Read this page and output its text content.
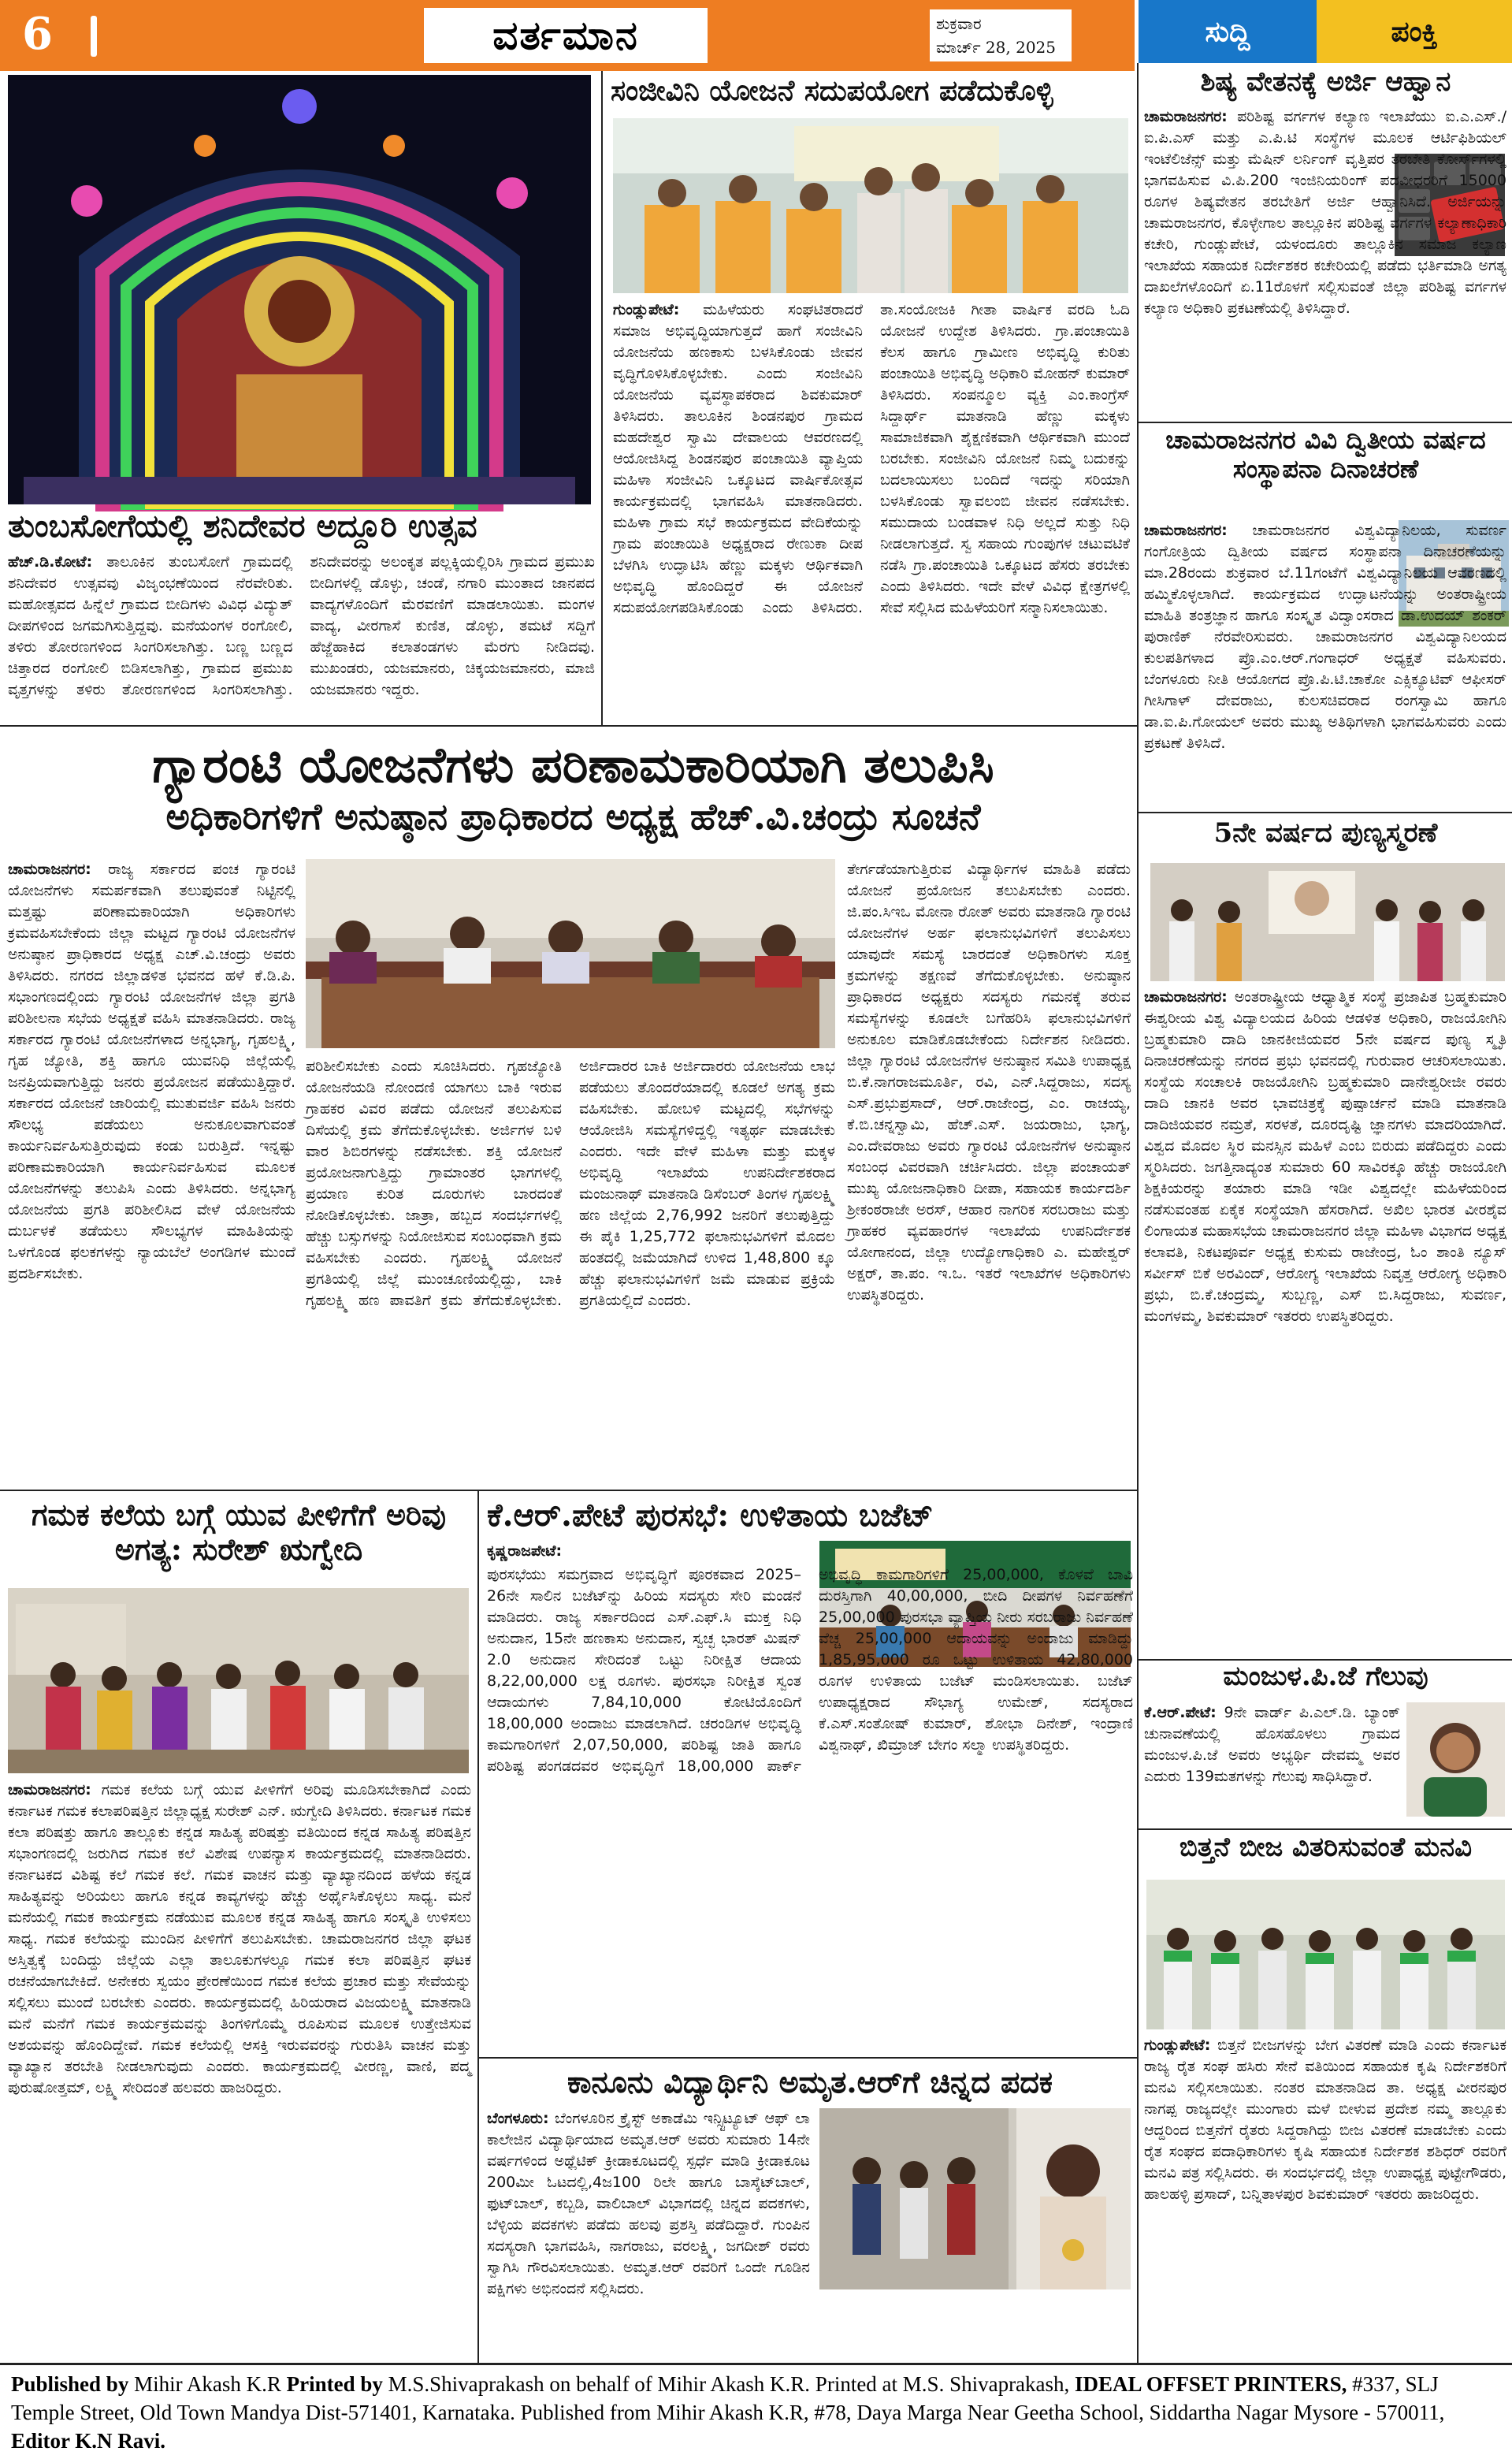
6	ವರ್ತಮಾನ	ಶುಕ್ರವಾರ
ಮಾರ್ಚ್ 28, 2025	ಸುದ್ದಿ	ಪಂಕ್ತಿ
ತುಂಬಸೋಗೆಯಲ್ಲಿ ಶನಿದೇವರ ಅದ್ದೂರಿ ಉತ್ಸವ
ಹೆಚ್.ಡಿ.ಕೋಟೆ: ತಾಲೂಕಿನ ತುಂಬಸೋಗೆ ಗ್ರಾಮದಲ್ಲಿ ಶನಿದೇವರ ಉತ್ಸವವು ವಿಜೃಂಭಣೆಯಿಂದ ನೆರವೇರಿತು. ಮಹೋತ್ಸವದ ಹಿನ್ನೆಲೆ ಗ್ರಾಮದ ಬೀದಿಗಳು ವಿವಿಧ ವಿದ್ಯುತ್ ದೀಪಗಳಿಂದ ಜಗಮಗಿಸುತ್ತಿದ್ದವು. ಮನೆಯಂಗಳ ರಂಗೋಲಿ, ತಳಿರು ತೋರಣಗಳಿಂದ ಸಿಂಗರಿಸಲಾಗಿತ್ತು. ಬಣ್ಣ ಬಣ್ಣದ ಚಿತ್ತಾರದ ರಂಗೋಲಿ ಬಿಡಿಸಲಾಗಿತ್ತು, ಗ್ರಾಮದ ಪ್ರಮುಖ ವೃತ್ತಗಳನ್ನು ತಳಿರು ತೋರಣಗಳಿಂದ ಸಿಂಗರಿಸಲಾಗಿತ್ತು. ಶನಿದೇವರನ್ನು ಅಲಂಕೃತ ಪಲ್ಲಕ್ಕಿಯಲ್ಲಿರಿಸಿ ಗ್ರಾಮದ ಪ್ರಮುಖ ಬೀದಿಗಳಲ್ಲಿ ಡೊಳ್ಳು, ಚಂಡೆ, ನಗಾರಿ ಮುಂತಾದ ಜಾನಪದ ವಾದ್ಯಗಳೊಂದಿಗೆ ಮೆರವಣಿಗೆ ಮಾಡಲಾಯಿತು. ಮಂಗಳ ವಾದ್ಯ, ವೀರಗಾಸೆ ಕುಣಿತ, ಡೊಳ್ಳು, ತಮಟೆ ಸದ್ದಿಗೆ ಹೆಜ್ಜೆಹಾಕಿದ ಕಲಾತಂಡಗಳು ಮೆರಗು ನೀಡಿದವು. ಮುಖಂಡರು, ಯಜಮಾನರು, ಚಿಕ್ಕಯಜಮಾನರು, ಮಾಜಿ ಯಜಮಾನರು ಇದ್ದರು.
ಸಂಜೀವಿನಿ ಯೋಜನೆ ಸದುಪಯೋಗ ಪಡೆದುಕೊಳ್ಳಿ
ಗುಂಡ್ಲುಪೇಟೆ: ಮಹಿಳೆಯರು ಸಂಘಟಿತರಾದರೆ ಸಮಾಜ ಅಭಿವೃದ್ಧಿಯಾಗುತ್ತದೆ ಹಾಗೆ ಸಂಜೀವಿನಿ ಯೋಜನೆಯ ಹಣಕಾಸು ಬಳಸಿಕೊಂಡು ಜೀವನ ವೃದ್ಧಿಗೊಳಿಸಿಕೊಳ್ಳಬೇಕು. ಎಂದು ಸಂಜೀವಿನಿ ಯೋಜನೆಯ ವ್ಯವಸ್ಥಾಪಕರಾದ ಶಿವಕುಮಾರ್ ತಿಳಿಸಿದರು. ತಾಲೂಕಿನ ಶಿಂಡನಪುರ ಗ್ರಾಮದ ಮಹದೇಶ್ವರ ಸ್ವಾಮಿ ದೇವಾಲಯ ಆವರಣದಲ್ಲಿ ಆಯೋಜಿಸಿದ್ದ ಶಿಂಡನಪುರ ಪಂಚಾಯಿತಿ ವ್ಯಾಪ್ತಿಯ ಮಹಿಳಾ ಸಂಜೀವಿನಿ ಒಕ್ಕೂಟದ ವಾರ್ಷಿಕೋತ್ಸವ ಕಾರ್ಯಕ್ರಮದಲ್ಲಿ ಭಾಗವಹಿಸಿ ಮಾತನಾಡಿದರು. ಮಹಿಳಾ ಗ್ರಾಮ ಸಭೆ ಕಾರ್ಯಕ್ರಮದ ವೇದಿಕೆಯನ್ನು ಗ್ರಾಮ ಪಂಚಾಯಿತಿ ಅಧ್ಯಕ್ಷರಾದ ರೇಣುಕಾ ದೀಪ ಬೆಳಗಿಸಿ ಉದ್ಘಾಟಿಸಿ ಹೆಣ್ಣು ಮಕ್ಕಳು ಆರ್ಥಿಕವಾಗಿ ಅಭಿವೃದ್ಧಿ ಹೊಂದಿದ್ದರೆ ಈ ಯೋಜನೆ ಸದುಪಯೋಗಪಡಿಸಿಕೊಂಡು ಎಂದು ತಿಳಿಸಿದರು. ತಾ.ಸಂಯೋಜಕಿ ಗೀತಾ ವಾರ್ಷಿಕ ವರದಿ ಓದಿ ಯೋಜನೆ ಉದ್ದೇಶ ತಿಳಿಸಿದರು. ಗ್ರಾ.ಪಂಚಾಯಿತಿ ಕೆಲಸ ಹಾಗೂ ಗ್ರಾಮೀಣ ಅಭಿವೃದ್ಧಿ ಕುರಿತು ಪಂಚಾಯಿತಿ ಅಭಿವೃದ್ಧಿ ಅಧಿಕಾರಿ ಮೋಹನ್ ಕುಮಾರ್ ತಿಳಿಸಿದರು. ಸಂಪನ್ಮೂಲ ವ್ಯಕ್ತಿ ಎಂ.ಕಾಂಗ್ರೆಸ್ ಸಿದ್ದಾರ್ಥ್ ಮಾತನಾಡಿ ಹೆಣ್ಣು ಮಕ್ಕಳು ಸಾಮಾಜಿಕವಾಗಿ ಶೈಕ್ಷಣಿಕವಾಗಿ ಆರ್ಥಿಕವಾಗಿ ಮುಂದೆ ಬರಬೇಕು. ಸಂಜೀವಿನಿ ಯೋಜನೆ ನಿಮ್ಮ ಬದುಕನ್ನು ಬದಲಾಯಿಸಲು ಬಂದಿದೆ ಇದನ್ನು ಸರಿಯಾಗಿ ಬಳಸಿಕೊಂಡು ಸ್ವಾವಲಂಬಿ ಜೀವನ ನಡೆಸಬೇಕು. ಸಮುದಾಯ ಬಂಡವಾಳ ನಿಧಿ ಅಲ್ಲದೆ ಸುತ್ತು ನಿಧಿ ನೀಡಲಾಗುತ್ತದೆ. ಸ್ವ ಸಹಾಯ ಗುಂಪುಗಳ ಚಟುವಟಿಕೆ ನಡೆಸಿ ಗ್ರಾ.ಪಂಚಾಯಿತಿ ಒಕ್ಕೂಟದ ಹೆಸರು ತರಬೇಕು ಎಂದು ತಿಳಿಸಿದರು. ಇದೇ ವೇಳೆ ವಿವಿಧ ಕ್ಷೇತ್ರಗಳಲ್ಲಿ ಸೇವೆ ಸಲ್ಲಿಸಿದ ಮಹಿಳೆಯರಿಗೆ ಸನ್ಮಾನಿಸಲಾಯಿತು.
ಗ್ಯಾರಂಟಿ ಯೋಜನೆಗಳು ಪರಿಣಾಮಕಾರಿಯಾಗಿ ತಲುಪಿಸಿ
ಅಧಿಕಾರಿಗಳಿಗೆ ಅನುಷ್ಠಾನ ಪ್ರಾಧಿಕಾರದ ಅಧ್ಯಕ್ಷ ಹೆಚ್.ವಿ.ಚಂದ್ರು ಸೂಚನೆ
ಚಾಮರಾಜನಗರ: ರಾಜ್ಯ ಸರ್ಕಾರದ ಪಂಚ ಗ್ಯಾರಂಟಿ ಯೋಜನೆಗಳು ಸಮರ್ಪಕವಾಗಿ ತಲುಪುವಂತೆ ನಿಟ್ಟಿನಲ್ಲಿ ಮತ್ತಷ್ಟು ಪರಿಣಾಮಕಾರಿಯಾಗಿ ಅಧಿಕಾರಿಗಳು ಕ್ರಮವಹಿಸಬೇಕೆಂದು ಜಿಲ್ಲಾ ಮಟ್ಟದ ಗ್ಯಾರಂಟಿ ಯೋಜನೆಗಳ ಅನುಷ್ಠಾನ ಪ್ರಾಧಿಕಾರದ ಅಧ್ಯಕ್ಷ ಎಚ್.ವಿ.ಚಂದ್ರು ಅವರು ತಿಳಿಸಿದರು. ನಗರದ ಜಿಲ್ಲಾಡಳಿತ ಭವನದ ಹಳೆ ಕೆ.ಡಿ.ಪಿ. ಸಭಾಂಗಣದಲ್ಲಿಂದು ಗ್ಯಾರಂಟಿ ಯೋಜನೆಗಳ ಜಿಲ್ಲಾ ಪ್ರಗತಿ ಪರಿಶೀಲನಾ ಸಭೆಯ ಅಧ್ಯಕ್ಷತೆ ವಹಿಸಿ ಮಾತನಾಡಿದರು. ರಾಜ್ಯ ಸರ್ಕಾರದ ಗ್ಯಾರಂಟಿ ಯೋಜನೆಗಳಾದ ಅನ್ನಭಾಗ್ಯ, ಗೃಹಲಕ್ಷ್ಮಿ, ಗೃಹ ಜ್ಯೋತಿ, ಶಕ್ತಿ ಹಾಗೂ ಯುವನಿಧಿ ಜಿಲ್ಲೆಯಲ್ಲಿ ಜನಪ್ರಿಯವಾಗುತ್ತಿದ್ದು ಜನರು ಪ್ರಯೋಜನ ಪಡೆಯುತ್ತಿದ್ದಾರೆ. ಸರ್ಕಾರದ ಯೋಜನೆ ಜಾರಿಯಲ್ಲಿ ಮುತುವರ್ಜಿ ವಹಿಸಿ ಜನರು ಸೌಲಭ್ಯ ಪಡೆಯಲು ಅನುಕೂಲವಾಗುವಂತೆ ಕಾರ್ಯನಿರ್ವಹಿಸುತ್ತಿರುವುದು ಕಂಡು ಬರುತ್ತಿದೆ. ಇನ್ನಷ್ಟು ಪರಿಣಾಮಕಾರಿಯಾಗಿ ಕಾರ್ಯನಿರ್ವಹಿಸುವ ಮೂಲಕ ಯೋಜನೆಗಳನ್ನು ತಲುಪಿಸಿ ಎಂದು ತಿಳಿಸಿದರು. ಅನ್ನಭಾಗ್ಯ ಯೋಜನೆಯ ಪ್ರಗತಿ ಪರಿಶೀಲಿಸಿದ ವೇಳೆ ಯೋಜನೆಯ ದುರ್ಬಳಕೆ ತಡೆಯಲು ಸೌಲಭ್ಯಗಳ ಮಾಹಿತಿಯನ್ನು ಒಳಗೊಂಡ ಫಲಕಗಳನ್ನು ನ್ಯಾಯಬೆಲೆ ಅಂಗಡಿಗಳ ಮುಂದೆ ಪ್ರದರ್ಶಿಸಬೇಕು.
ಪರಿಶೀಲಿಸಬೇಕು ಎಂದು ಸೂಚಿಸಿದರು. ಗೃಹಜ್ಯೋತಿ ಯೋಜನೆಯಡಿ ನೋಂದಣಿ ಯಾಗಲು ಬಾಕಿ ಇರುವ ಗ್ರಾಹಕರ ವಿವರ ಪಡೆದು ಯೋಜನೆ ತಲುಪಿಸುವ ದಿಸೆಯಲ್ಲಿ ಕ್ರಮ ತೆಗೆದುಕೊಳ್ಳಬೇಕು. ಅರ್ಜಿಗಳ ಬಳಿ ವಾರ ಶಿಬಿರಗಳನ್ನು ನಡೆಸಬೇಕು. ಶಕ್ತಿ ಯೋಜನೆ ಪ್ರಯೋಜನಾಗುತ್ತಿದ್ದು ಗ್ರಾಮಾಂತರ ಭಾಗಗಳಲ್ಲಿ ಪ್ರಯಾಣ ಕುರಿತ ದೂರುಗಳು ಬಾರದಂತೆ ನೋಡಿಕೊಳ್ಳಬೇಕು. ಜಾತ್ರಾ, ಹಬ್ಬದ ಸಂದರ್ಭಗಳಲ್ಲಿ ಹೆಚ್ಚು ಬಸ್ಸುಗಳನ್ನು ನಿಯೋಜಿಸುವ ಸಂಬಂಧವಾಗಿ ಕ್ರಮ ವಹಿಸಬೇಕು ಎಂದರು. ಗೃಹಲಕ್ಷ್ಮಿ ಯೋಜನೆ ಪ್ರಗತಿಯಲ್ಲಿ ಜಿಲ್ಲೆ ಮುಂಚೂಣಿಯಲ್ಲಿದ್ದು, ಬಾಕಿ ಗೃಹಲಕ್ಷ್ಮಿ ಹಣ ಪಾವತಿಗೆ ಕ್ರಮ ತೆಗೆದುಕೊಳ್ಳಬೇಕು. ಅರ್ಜಿದಾರರ ಬಾಕಿ ಅರ್ಜಿದಾರರು ಯೋಜನೆಯ ಲಾಭ ಪಡೆಯಲು ತೊಂದರೆಯಾದಲ್ಲಿ ಕೂಡಲೆ ಅಗತ್ಯ ಕ್ರಮ ವಹಿಸಬೇಕು. ಹೋಬಳಿ ಮಟ್ಟದಲ್ಲಿ ಸಭೆಗಳನ್ನು ಆಯೋಜಿಸಿ ಸಮಸ್ಯೆಗಳಿದ್ದಲ್ಲಿ ಇತ್ಯರ್ಥ ಮಾಡಬೇಕು ಎಂದರು. ಇದೇ ವೇಳೆ ಮಹಿಳಾ ಮತ್ತು ಮಕ್ಕಳ ಅಭಿವೃದ್ಧಿ ಇಲಾಖೆಯ ಉಪನಿರ್ದೇಶಕರಾದ ಮಂಜುನಾಥ್ ಮಾತನಾಡಿ ಡಿಸೆಂಬರ್ ತಿಂಗಳ ಗೃಹಲಕ್ಷ್ಮಿ ಹಣ ಜಿಲ್ಲೆಯ 2,76,992 ಜನರಿಗೆ ತಲುಪುತ್ತಿದ್ದು ಈ ಪೈಕಿ 1,25,772 ಫಲಾನುಭವಿಗಳಿಗೆ ಮೊದಲ ಹಂತದಲ್ಲಿ ಜಮೆಯಾಗಿದೆ ಉಳಿದ 1,48,800 ಕ್ಕೂ ಹೆಚ್ಚು ಫಲಾನುಭವಿಗಳಿಗೆ ಜಮೆ ಮಾಡುವ ಪ್ರಕ್ರಿಯೆ ಪ್ರಗತಿಯಲ್ಲಿದೆ ಎಂದರು.
ತೇರ್ಗಡೆಯಾಗುತ್ತಿರುವ ವಿದ್ಯಾರ್ಥಿಗಳ ಮಾಹಿತಿ ಪಡೆದು ಯೋಜನೆ ಪ್ರಯೋಜನ ತಲುಪಿಸಬೇಕು ಎಂದರು. ಜಿ.ಪಂ.ಸಿಇಒ ಮೋನಾ ರೋತ್ ಅವರು ಮಾತನಾಡಿ ಗ್ಯಾರಂಟಿ ಯೋಜನೆಗಳ ಅರ್ಹ ಫಲಾನುಭವಿಗಳಿಗೆ ತಲುಪಿಸಲು ಯಾವುದೇ ಸಮಸ್ಯೆ ಬಾರದಂತೆ ಅಧಿಕಾರಿಗಳು ಸೂಕ್ತ ಕ್ರಮಗಳನ್ನು ತಕ್ಷಣವೆ ತೆಗೆದುಕೊಳ್ಳಬೇಕು. ಅನುಷ್ಠಾನ ಪ್ರಾಧಿಕಾರದ ಅಧ್ಯಕ್ಷರು ಸದಸ್ಯರು ಗಮನಕ್ಕೆ ತರುವ ಸಮಸ್ಯೆಗಳನ್ನು ಕೂಡಲೇ ಬಗೆಹರಿಸಿ ಫಲಾನುಭವಿಗಳಿಗೆ ಅನುಕೂಲ ಮಾಡಿಕೊಡಬೇಕೆಂದು ನಿರ್ದೇಶನ ನೀಡಿದರು. ಜಿಲ್ಲಾ ಗ್ಯಾರಂಟಿ ಯೋಜನೆಗಳ ಅನುಷ್ಠಾನ ಸಮಿತಿ ಉಪಾಧ್ಯಕ್ಷ ಬಿ.ಕೆ.ನಾಗರಾಜಮೂರ್ತಿ, ರವಿ, ಎನ್.ಸಿದ್ದರಾಜು, ಸದಸ್ಯ ಎಸ್.ಪ್ರಭುಪ್ರಸಾದ್, ಆರ್.ರಾಜೇಂದ್ರ, ಎಂ. ರಾಚಯ್ಯ, ಕೆ.ಬಿ.ಚನ್ನಸ್ವಾಮಿ, ಹೆಚ್.ಎಸ್. ಜಯರಾಜು, ಭಾಗ್ಯ, ಎಂ.ದೇವರಾಜು ಅವರು ಗ್ಯಾರಂಟಿ ಯೋಜನೆಗಳ ಅನುಷ್ಠಾನ ಸಂಬಂಧ ವಿವರವಾಗಿ ಚರ್ಚಿಸಿದರು. ಜಿಲ್ಲಾ ಪಂಚಾಯತ್ ಮುಖ್ಯ ಯೋಜನಾಧಿಕಾರಿ ದೀಪಾ, ಸಹಾಯಕ ಕಾರ್ಯದರ್ಶಿ ಶ್ರೀಕಂಠರಾಜೇ ಅರಸ್, ಆಹಾರ ನಾಗರಿಕ ಸರಬರಾಜು ಮತ್ತು ಗ್ರಾಹಕರ ವ್ಯವಹಾರಗಳ ಇಲಾಖೆಯ ಉಪನಿರ್ದೇಶಕ ಯೋಗಾನಂದ, ಜಿಲ್ಲಾ ಉದ್ಯೋಗಾಧಿಕಾರಿ ಎ. ಮಹೇಶ್ವರ್ ಅಕ್ಷರ್, ತಾ.ಪಂ. ಇ.ಒ. ಇತರೆ ಇಲಾಖೆಗಳ ಅಧಿಕಾರಿಗಳು ಉಪಸ್ಥಿತರಿದ್ದರು.
ಗಮಕ ಕಲೆಯ ಬಗ್ಗೆ ಯುವ ಪೀಳಿಗೆಗೆ ಅರಿವು ಅಗತ್ಯ: ಸುರೇಶ್ ಋಗ್ವೇದಿ
ಚಾಮರಾಜನಗರ: ಗಮಕ ಕಲೆಯ ಬಗ್ಗೆ ಯುವ ಪೀಳಿಗೆಗೆ ಅರಿವು ಮೂಡಿಸಬೇಕಾಗಿದೆ ಎಂದು ಕರ್ನಾಟಕ ಗಮಕ ಕಲಾಪರಿಷತ್ತಿನ ಜಿಲ್ಲಾಧ್ಯಕ್ಷ ಸುರೇಶ್ ಎನ್. ಋಗ್ವೇದಿ ತಿಳಿಸಿದರು. ಕರ್ನಾಟಕ ಗಮಕ ಕಲಾ ಪರಿಷತ್ತು ಹಾಗೂ ತಾಲ್ಲೂಕು ಕನ್ನಡ ಸಾಹಿತ್ಯ ಪರಿಷತ್ತು ವತಿಯಿಂದ ಕನ್ನಡ ಸಾಹಿತ್ಯ ಪರಿಷತ್ತಿನ ಸಭಾಂಗಣದಲ್ಲಿ ಜರುಗಿದ ಗಮಕ ಕಲೆ ವಿಶೇಷ ಉಪನ್ಯಾಸ ಕಾರ್ಯಕ್ರಮದಲ್ಲಿ ಮಾತನಾಡಿದರು. ಕರ್ನಾಟಕದ ವಿಶಿಷ್ಟ ಕಲೆ ಗಮಕ ಕಲೆ. ಗಮಕ ವಾಚನ ಮತ್ತು ವ್ಯಾಖ್ಯಾನದಿಂದ ಹಳೆಯ ಕನ್ನಡ ಸಾಹಿತ್ಯವನ್ನು ಅರಿಯಲು ಹಾಗೂ ಕನ್ನಡ ಕಾವ್ಯಗಳನ್ನು ಹೆಚ್ಚು ಅರ್ಥೈಸಿಕೊಳ್ಳಲು ಸಾಧ್ಯ. ಮನೆ ಮನೆಯಲ್ಲಿ ಗಮಕ ಕಾರ್ಯಕ್ರಮ ನಡೆಯುವ ಮೂಲಕ ಕನ್ನಡ ಸಾಹಿತ್ಯ ಹಾಗೂ ಸಂಸ್ಕೃತಿ ಉಳಿಸಲು ಸಾಧ್ಯ. ಗಮಕ ಕಲೆಯನ್ನು ಮುಂದಿನ ಪೀಳಿಗೆಗೆ ತಲುಪಿಸಬೇಕು. ಚಾಮರಾಜನಗರ ಜಿಲ್ಲಾ ಘಟಕ ಅಸ್ತಿತ್ವಕ್ಕೆ ಬಂದಿದ್ದು ಜಿಲ್ಲೆಯ ಎಲ್ಲಾ ತಾಲೂಕುಗಳಲ್ಲೂ ಗಮಕ ಕಲಾ ಪರಿಷತ್ತಿನ ಘಟಕ ರಚನೆಯಾಗಬೇಕಿದೆ. ಅನೇಕರು ಸ್ವಯಂ ಪ್ರೇರಣೆಯಿಂದ ಗಮಕ ಕಲೆಯ ಪ್ರಚಾರ ಮತ್ತು ಸೇವೆಯನ್ನು ಸಲ್ಲಿಸಲು ಮುಂದೆ ಬರಬೇಕು ಎಂದರು. ಕಾರ್ಯಕ್ರಮದಲ್ಲಿ ಹಿರಿಯರಾದ ವಿಜಯಲಕ್ಷ್ಮಿ ಮಾತನಾಡಿ ಮನೆ ಮನೆಗೆ ಗಮಕ ಕಾರ್ಯಕ್ರಮವನ್ನು ತಿಂಗಳಿಗೊಮ್ಮೆ ರೂಪಿಸುವ ಮೂಲಕ ಉತ್ತೇಜಿಸುವ ಅಶಯವನ್ನು ಹೊಂದಿದ್ದೇವೆ. ಗಮಕ ಕಲೆಯಲ್ಲಿ ಆಸಕ್ತಿ ಇರುವವರನ್ನು ಗುರುತಿಸಿ ವಾಚನ ಮತ್ತು ವ್ಯಾಖ್ಯಾನ ತರಬೇತಿ ನೀಡಲಾಗುವುದು ಎಂದರು. ಕಾರ್ಯಕ್ರಮದಲ್ಲಿ ವೀರಣ್ಣ, ವಾಣಿ, ಪದ್ಮ ಪುರುಷೋತ್ತಮ್, ಲಕ್ಷ್ಮಿ ಸೇರಿದಂತೆ ಹಲವರು ಹಾಜರಿದ್ದರು.
ಕೆ.ಆರ್.ಪೇಟೆ ಪುರಸಭೆ: ಉಳಿತಾಯ ಬಜೆಟ್
ಕೃಷ್ಣರಾಜಪೇಟೆ:
ಪುರಸಭೆಯು ಸಮಗ್ರವಾದ ಅಭಿವೃದ್ಧಿಗೆ ಪೂರಕವಾದ 2025–26ನೇ ಸಾಲಿನ ಬಜೆಟ್‌ನ್ನು ಹಿರಿಯ ಸದಸ್ಯರು ಸೇರಿ ಮಂಡನೆ ಮಾಡಿದರು. ರಾಜ್ಯ ಸರ್ಕಾರದಿಂದ ಎಸ್.ಎಫ್.ಸಿ ಮುಕ್ತ ನಿಧಿ ಅನುದಾನ, 15ನೇ ಹಣಕಾಸು ಅನುದಾನ, ಸ್ವಚ್ಛ ಭಾರತ್ ಮಿಷನ್ 2.0 ಅನುದಾನ ಸೇರಿದಂತೆ ಒಟ್ಟು ನಿರೀಕ್ಷಿತ ಆದಾಯ 8,22,00,000 ಲಕ್ಷ ರೂಗಳು. ಪುರಸಭಾ ನಿರೀಕ್ಷಿತ ಸ್ವಂತ ಆದಾಯಗಳು 7,84,10,000 ಕೋಟಿಯೊಂದಿಗೆ 18,00,000 ಅಂದಾಜು ಮಾಡಲಾಗಿದೆ. ಚರಂಡಿಗಳ ಅಭಿವೃದ್ಧಿ ಕಾಮಗಾರಿಗಳಿಗೆ 2,07,50,000, ಪರಿಶಿಷ್ಟ ಜಾತಿ ಹಾಗೂ ಪರಿಶಿಷ್ಟ ಪಂಗಡದವರ ಅಭಿವೃದ್ಧಿಗೆ 18,00,000 ಪಾರ್ಕ್ ಅಭಿವೃದ್ಧಿ ಕಾಮಗಾರಿಗಳಿಗೆ 25,00,000, ಕೊಳವೆ ಬಾವಿ ದುರಸ್ತಿಗಾಗಿ 40,00,000, ಬೀದಿ ದೀಪಗಳ ನಿರ್ವಹಣೆಗೆ 25,00,000 ಪುರಸಭಾ ವ್ಯಾಪ್ತಿಯ ನೀರು ಸರಬರಾಜು ನಿರ್ವಹಣೆ ವೆಚ್ಚ 25,00,000 ಆದಾಯವನ್ನು ಅಂದಾಜು ಮಾಡಿದ್ದು 1,85,95,000 ರೂ ಒಟ್ಟು ಉಳಿತಾಯ 42,80,000 ರೂಗಳ ಉಳಿತಾಯ ಬಜೆಟ್ ಮಂಡಿಸಲಾಯಿತು. ಬಜೆಟ್ ಉಪಾಧ್ಯಕ್ಷರಾದ ಸೌಭಾಗ್ಯ ಉಮೇಶ್, ಸದಸ್ಯರಾದ ಕೆ.ಎಸ್.ಸಂತೋಷ್ ಕುಮಾರ್, ಶೋಭಾ ದಿನೇಶ್, ಇಂದ್ರಾಣಿ ವಿಶ್ವನಾಥ್, ಖಿಮ್ರಾಜ್ ಬೇಗಂ ಸಲ್ಮಾ ಉಪಸ್ಥಿತರಿದ್ದರು.
ಕಾನೂನು ವಿದ್ಯಾರ್ಥಿನಿ ಅಮೃತ.ಆರ್‌ಗೆ ಚಿನ್ನದ ಪದಕ
ಬೆಂಗಳೂರು: ಬೆಂಗಳೂರಿನ ಕ್ರೈಸ್ಟ್ ಅಕಾಡೆಮಿ ಇನ್ಸ್ಟಿಟ್ಯೂಟ್ ಆಫ್ ಲಾ ಕಾಲೇಜಿನ ವಿದ್ಯಾರ್ಥಿಯಾದ ಅಮೃತ.ಆರ್ ಅವರು ಸುಮಾರು 14ನೇ ವರ್ಷಗಳಿಂದ ಅಥ್ಲೆಟಿಕ್ ಕ್ರೀಡಾಕೂಟದಲ್ಲಿ ಸ್ಪರ್ಧೆ ಮಾಡಿ ಕ್ರೀಡಾಕೂಟ 200ಮೀ ಓಟದಲ್ಲಿ,4ಜ100 ರಿಲೇ ಹಾಗೂ ಬಾಸ್ಕೆಟ್‌ಬಾಲ್, ಫುಟ್‌ಬಾಲ್, ಕಬ್ಬಡಿ, ವಾಲಿಬಾಲ್ ವಿಭಾಗದಲ್ಲಿ ಚಿನ್ನದ ಪದಕಗಳು, ಬೆಳ್ಳಿಯ ಪದಕಗಳು ಪಡೆದು ಹಲವು ಪ್ರಶಸ್ತಿ ಪಡೆದಿದ್ದಾರೆ. ಗುಂಪಿನ ಸದಸ್ಯರಾಗಿ ಭಾಗವಹಿಸಿ, ನಾಗರಾಜು, ವರಲಕ್ಷ್ಮಿ, ಜಗದೀಶ್ ರವರು ಸ್ವಾಗಿಸಿ ಗೌರವಿಸಲಾಯಿತು. ಅಮೃತ.ಆರ್ ರವರಿಗೆ ಒಂದೇ ಗೂಡಿನ ಪಕ್ಷಿಗಳು ಅಭಿನಂದನೆ ಸಲ್ಲಿಸಿದರು.
ಶಿಷ್ಯ ವೇತನಕ್ಕೆ ಅರ್ಜಿ ಆಹ್ವಾನ
ಚಾಮರಾಜನಗರ: ಪರಿಶಿಷ್ಟ ವರ್ಗಗಳ ಕಲ್ಯಾಣ ಇಲಾಖೆಯು ಐ.ಎ.ಎಸ್./ಐ.ಪಿ.ಎಸ್ ಮತ್ತು ಎ.ಪಿ.ಟಿ ಸಂಸ್ಥೆಗಳ ಮೂಲಕ ಆರ್ಟಿಫಿಶಿಯಲ್ ಇಂಟೆಲಿಜೆನ್ಸ್ ಮತ್ತು ಮೆಷಿನ್ ಲರ್ನಿಂಗ್ ವೃತ್ತಿಪರ ತರಬೇತಿ ಕೋರ್ಸ್‌ಗಳಲ್ಲಿ ಭಾಗವಹಿಸುವ ವಿ.ಪಿ.200 ಇಂಜಿನಿಯರಿಂಗ್ ಪದವೀಧರರಿಗೆ 15000 ರೂಗಳ ಶಿಷ್ಯವೇತನ ತರಬೇತಿಗೆ ಅರ್ಜಿ ಆಹ್ವಾನಿಸಿದೆ. ಅರ್ಜಿಯನ್ನು ಚಾಮರಾಜನಗರ, ಕೊಳ್ಳೇಗಾಲ ತಾಲ್ಲೂಕಿನ ಪರಿಶಿಷ್ಟ ವರ್ಗಗಳ ಕಲ್ಯಾಣಾಧಿಕಾರಿ ಕಚೇರಿ, ಗುಂಡ್ಲುಪೇಟೆ, ಯಳಂದೂರು ತಾಲ್ಲೂಕಿನ ಸಮಾಜ ಕಲ್ಯಾಣ ಇಲಾಖೆಯ ಸಹಾಯಕ ನಿರ್ದೇಶಕರ ಕಚೇರಿಯಲ್ಲಿ ಪಡೆದು ಭರ್ತಿಮಾಡಿ ಅಗತ್ಯ ದಾಖಲೆಗಳೊಂದಿಗೆ ಏ.11ರೊಳಗೆ ಸಲ್ಲಿಸುವಂತೆ ಜಿಲ್ಲಾ ಪರಿಶಿಷ್ಟ ವರ್ಗಗಳ ಕಲ್ಯಾಣ ಅಧಿಕಾರಿ ಪ್ರಕಟಣೆಯಲ್ಲಿ ತಿಳಿಸಿದ್ದಾರೆ.
ಚಾಮರಾಜನಗರ ವಿವಿ ದ್ವಿತೀಯ ವರ್ಷದ ಸಂಸ್ಥಾಪನಾ ದಿನಾಚರಣೆ
ಚಾಮರಾಜನಗರ: ಚಾಮರಾಜನಗರ ವಿಶ್ವವಿದ್ಯಾನಿಲಯ, ಸುವರ್ಣ ಗಂಗೋತ್ರಿಯ ದ್ವಿತೀಯ ವರ್ಷದ ಸಂಸ್ಥಾಪನಾ ದಿನಾಚರಣೆಯನ್ನು ಮಾ.28ರಂದು ಶುಕ್ರವಾರ ಬೆ.11ಗಂಟೆಗೆ ವಿಶ್ವವಿದ್ಯಾನಿಲಯ ಆವರಣದಲ್ಲಿ ಹಮ್ಮಿಕೊಳ್ಳಲಾಗಿದೆ. ಕಾರ್ಯಕ್ರಮದ ಉದ್ಘಾಟನೆಯನ್ನು ಅಂತರಾಷ್ಟ್ರೀಯ ಮಾಹಿತಿ ತಂತ್ರಜ್ಞಾನ ಹಾಗೂ ಸಂಸ್ಕೃತ ವಿದ್ವಾಂಸರಾದ ಡಾ.ಉದಯ್ ಶಂಕರ್ ಪುರಾಣಿಕ್ ನೆರವೇರಿಸುವರು. ಚಾಮರಾಜನಗರ ವಿಶ್ವವಿದ್ಯಾನಿಲಯದ ಕುಲಪತಿಗಳಾದ ಪ್ರೊ.ಎಂ.ಆರ್.ಗಂಗಾಧರ್ ಅಧ್ಯಕ್ಷತೆ ವಹಿಸುವರು. ಬೆಂಗಳೂರು ನೀತಿ ಆಯೋಗದ ಪ್ರೊ.ಪಿ.ಟಿ.ಚಾಕೋ ಎಕ್ಸಿಕ್ಯೂಟಿವ್ ಆಫೀಸರ್ ಗೀಸಿಗಾಳ್ ದೇವರಾಜು, ಕುಲಸಚಿವರಾದ ರಂಗಸ್ವಾಮಿ ಹಾಗೂ ಡಾ.ಐ.ಪಿ.ಗೋಯಲ್ ಅವರು ಮುಖ್ಯ ಅತಿಥಿಗಳಾಗಿ ಭಾಗವಹಿಸುವರು ಎಂದು ಪ್ರಕಟಣೆ ತಿಳಿಸಿದೆ.
5ನೇ ವರ್ಷದ ಪುಣ್ಯಸ್ಮರಣೆ
ಚಾಮರಾಜನಗರ: ಅಂತರಾಷ್ಟ್ರೀಯ ಆಧ್ಯಾತ್ಮಿಕ ಸಂಸ್ಥೆ ಪ್ರಜಾಪಿತ ಬ್ರಹ್ಮಕುಮಾರಿ ಈಶ್ವರೀಯ ವಿಶ್ವ ವಿದ್ಯಾಲಯದ ಹಿರಿಯ ಆಡಳಿತ ಅಧಿಕಾರಿ, ರಾಜಯೋಗಿನಿ ಬ್ರಹ್ಮಕುಮಾರಿ ದಾದಿ ಜಾನಕೀಜಿಯವರ 5ನೇ ವರ್ಷದ ಪುಣ್ಯ ಸ್ಮೃತಿ ದಿನಾಚರಣೆಯನ್ನು ನಗರದ ಪ್ರಭು ಭವನದಲ್ಲಿ ಗುರುವಾರ ಆಚರಿಸಲಾಯಿತು. ಸಂಸ್ಥೆಯ ಸಂಚಾಲಕಿ ರಾಜಯೋಗಿನಿ ಬ್ರಹ್ಮಕುಮಾರಿ ದಾನೇಶ್ವರೀಜೀ ರವರು ದಾದಿ ಜಾನಕಿ ಅವರ ಭಾವಚಿತ್ರಕ್ಕೆ ಪುಷ್ಪಾರ್ಚನೆ ಮಾಡಿ ಮಾತನಾಡಿ ದಾದಿಜಿಯವರ ನಮ್ರತೆ, ಸರಳತೆ, ದೂರದೃಷ್ಟಿ ಜ್ಞಾನಗಳು ಮಾದರಿಯಾಗಿದೆ. ವಿಶ್ವದ ಮೊದಲ ಸ್ಥಿರ ಮನಸ್ಸಿನ ಮಹಿಳೆ ಎಂಬ ಬಿರುದು ಪಡೆದಿದ್ದರು ಎಂದು ಸ್ಮರಿಸಿದರು. ಜಗತ್ತಿನಾದ್ಯಂತ ಸುಮಾರು 60 ಸಾವಿರಕ್ಕೂ ಹೆಚ್ಚು ರಾಜಯೋಗಿ ಶಿಕ್ಷಕಿಯರನ್ನು ತಯಾರು ಮಾಡಿ ಇಡೀ ವಿಶ್ವದಲ್ಲೇ ಮಹಿಳೆಯರಿಂದ ನಡೆಸುವಂತಹ ಏಕೈಕ ಸಂಸ್ಥೆಯಾಗಿ ಹೆಸರಾಗಿದೆ. ಅಖಿಲ ಭಾರತ ವೀರಶೈವ ಲಿಂಗಾಯತ ಮಹಾಸಭೆಯ ಚಾಮರಾಜನಗರ ಜಿಲ್ಲಾ ಮಹಿಳಾ ವಿಭಾಗದ ಅಧ್ಯಕ್ಷ ಕಲಾವತಿ, ನಿಕಟಪೂರ್ವ ಅಧ್ಯಕ್ಷ ಕುಸುಮ ರಾಜೇಂದ್ರ, ಓಂ ಶಾಂತಿ ನ್ಯೂಸ್ ಸರ್ವೀಸ್ ಬಿಕೆ ಅರವಿಂದ್, ಆರೋಗ್ಯ ಇಲಾಖೆಯ ನಿವೃತ್ತ ಆರೋಗ್ಯ ಅಧಿಕಾರಿ ಪ್ರಭು, ಬಿ.ಕೆ.ಚಂದ್ರಮ್ಮ, ಸುಬ್ಬಣ್ಣ, ಎಸ್ ಬಿ.ಸಿದ್ದರಾಜು, ಸುವರ್ಣ, ಮಂಗಳಮ್ಮ, ಶಿವಕುಮಾರ್ ಇತರರು ಉಪಸ್ಥಿತರಿದ್ದರು.
ಮಂಜುಳ.ಪಿ.ಜೆ ಗೆಲುವು
ಕೆ.ಆರ್.ಪೇಟೆ: 9ನೇ ವಾರ್ಡ್ ಪಿ.ಎಲ್.ಡಿ. ಬ್ಯಾಂಕ್ ಚುನಾವಣೆಯಲ್ಲಿ ಹೊಸಹೊಳಲು ಗ್ರಾಮದ ಮಂಜುಳ.ಪಿ.ಜೆ ಅವರು ಅಭ್ಯರ್ಥಿ ದೇವಮ್ಮ ಅವರ ಎದುರು 139ಮತಗಳನ್ನು ಗೆಲುವು ಸಾಧಿಸಿದ್ದಾರೆ.
ಬಿತ್ತನೆ ಬೀಜ ವಿತರಿಸುವಂತೆ ಮನವಿ
ಗುಂಡ್ಲುಪೇಟೆ: ಬಿತ್ತನೆ ಬೀಜಗಳನ್ನು ಬೇಗ ವಿತರಣೆ ಮಾಡಿ ಎಂದು ಕರ್ನಾಟಕ ರಾಜ್ಯ ರೈತ ಸಂಘ ಹಸಿರು ಸೇನೆ ವತಿಯಿಂದ ಸಹಾಯಕ ಕೃಷಿ ನಿರ್ದೇಶಕರಿಗೆ ಮನವಿ ಸಲ್ಲಿಸಲಾಯಿತು. ನಂತರ ಮಾತನಾಡಿದ ತಾ. ಅಧ್ಯಕ್ಷ ವೀರನಪುರ ನಾಗಪ್ಪ ರಾಜ್ಯದಲ್ಲೇ ಮುಂಗಾರು ಮಳೆ ಬೀಳುವ ಪ್ರದೇಶ ನಮ್ಮ ತಾಲ್ಲೂಕು ಆದ್ದರಿಂದ ಬಿತ್ತನೆಗೆ ರೈತರು ಸಿದ್ದರಾಗಿದ್ದು ಬೀಜ ವಿತರಣೆ ಮಾಡಬೇಕು ಎಂದು ರೈತ ಸಂಘದ ಪದಾಧಿಕಾರಿಗಳು ಕೃಷಿ ಸಹಾಯಕ ನಿರ್ದೇಶಕ ಶಶಿಧರ್ ರವರಿಗೆ ಮನವಿ ಪತ್ರ ಸಲ್ಲಿಸಿದರು. ಈ ಸಂದರ್ಭದಲ್ಲಿ ಜಿಲ್ಲಾ ಉಪಾಧ್ಯಕ್ಷ ಪುಟ್ಟೇಗೌಡರು, ಹಾಲಹಳ್ಳಿ ಪ್ರಸಾದ್, ಬನ್ನಿತಾಳಪುರ ಶಿವಕುಮಾರ್ ಇತರರು ಹಾಜರಿದ್ದರು.
Published by Mihir Akash K.R Printed by M.S.Shivaprakash on behalf of Mihir Akash K.R. Printed at M.S. Shivaprakash, IDEAL OFFSET PRINTERS, #337, SLJ Temple Street, Old Town Mandya Dist-571401, Karnataka. Published from Mihir Akash K.R, #78, Daya Marga Near Geetha School, Siddartha Nagar Mysore - 570011, Editor K.N Ravi.
